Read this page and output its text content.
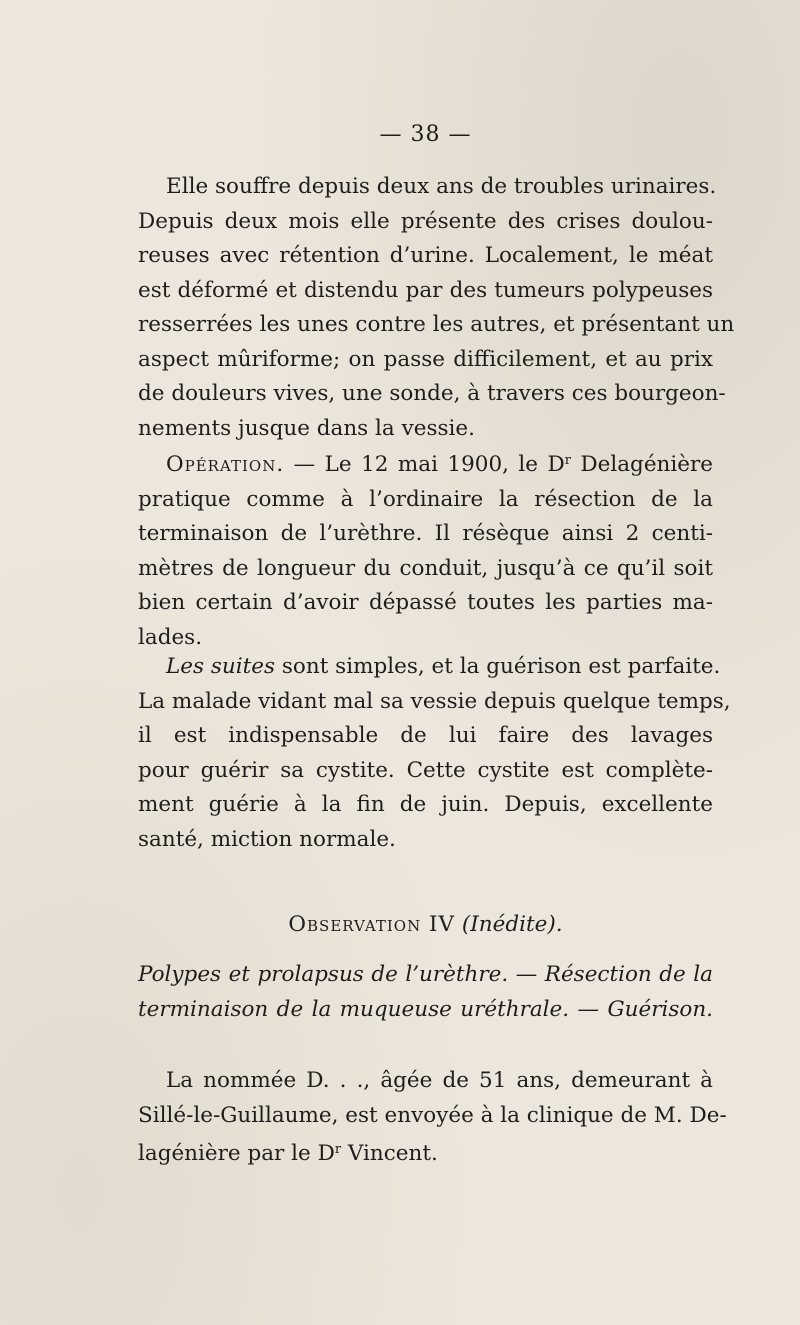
— 38 —

Elle souffre depuis deux ans de troubles urinaires.
Depuis deux mois elle présente des crises doulou-
reuses avec rétention d’urine. Localement, le méat
est déformé et distendu par des tumeurs polypeuses
resserrées les unes contre les autres, et présentant un
aspect mûriforme; on passe difficilement, et au prix
de douleurs vives, une sonde, à travers ces bourgeon-
nements jusque dans la vessie.
Opération. — Le 12 mai 1900, le $D^r$ Delagénière
pratique comme à l’ordinaire la résection de la
terminaison de l’urèthre. Il résèque ainsi 2 centi-
mètres de longueur du conduit, jusqu’à ce qu’il soit
bien certain d’avoir dépassé toutes les parties ma-
lades.
Les suites sont simples, et la guérison est parfaite.
La malade vidant mal sa vessie depuis quelque temps,
il est indispensable de lui faire des lavages
pour guérir sa cystite. Cette cystite est complète-
ment guérie à la fin de juin. Depuis, excellente
santé, miction normale.

Observation IV (Inédite).

Polypes et prolapsus de l’urèthre. — Résection de la
terminaison de la muqueuse uréthrale. — Guérison.
La nommée D. . ., âgée de 51 ans, demeurant à
Sillé-le-Guillaume, est envoyée à la clinique de M. De-
lagénière par le $D^r$ Vincent.
